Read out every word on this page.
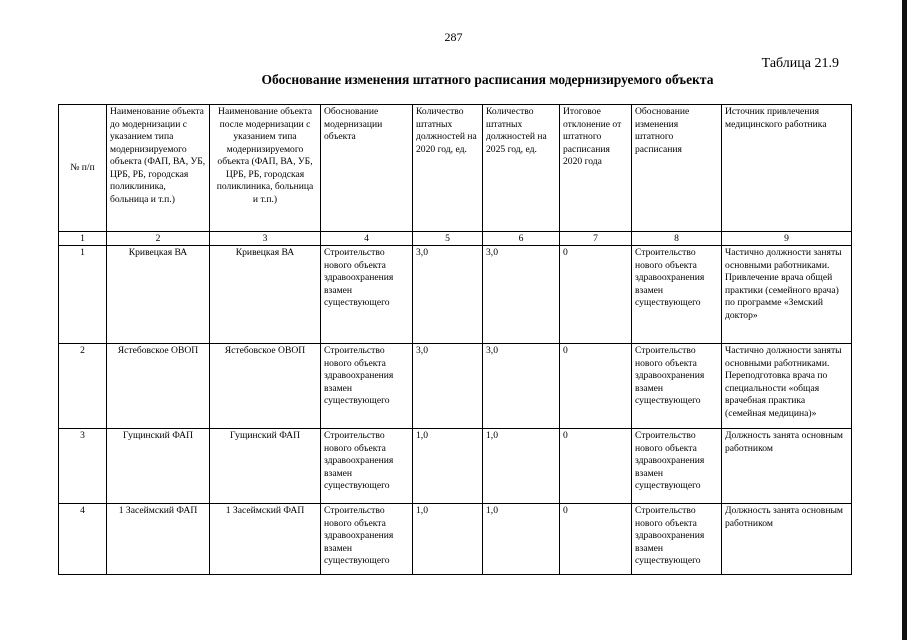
287
Таблица 21.9
Обоснование изменения штатного расписания модернизируемого объекта
№ п/п	Наименование объекта до модернизации с указанием типа модернизируемого объекта (ФАП, ВА, УБ, ЦРБ, РБ, городская поликлиника, больница и т.п.)	Наименование объекта после модернизации с указанием типа модернизируемого объекта (ФАП, ВА, УБ, ЦРБ, РБ, городская поликлиника, больница и т.п.)	Обоснование модернизации объекта	Количество штатных должностей на 2020 год, ед.	Количество штатных должностей на 2025 год, ед.	Итоговое отклонение от штатного расписания 2020 года	Обоснование изменения штатного расписания	Источник привлечения медицинского работника
1	2	3	4	5	6	7	8	9
1	Кривецкая ВА	Кривецкая ВА	Строительство нового объекта здравоохранения взамен существующего	3,0	3,0	0	Строительство нового объекта здравоохранения взамен существующего	Частично должности заняты основными работниками. Привлечение врача общей практики (семейного врача) по программе «Земский доктор»
2	Ястебовское ОВОП	Ястебовское ОВОП	Строительство нового объекта здравоохранения взамен существующего	3,0	3,0	0	Строительство нового объекта здравоохранения взамен существующего	Частично должности заняты основными работниками. Переподготовка врача по специальности «общая врачебная практика (семейная медицина)»
3	Гущинский ФАП	Гущинский ФАП	Строительство нового объекта здравоохранения взамен существующего	1,0	1,0	0	Строительство нового объекта здравоохранения взамен существующего	Должность занята основным работником
4	1 Засеймский ФАП	1 Засеймский ФАП	Строительство нового объекта здравоохранения взамен существующего	1,0	1,0	0	Строительство нового объекта здравоохранения взамен существующего	Должность занята основным работником
